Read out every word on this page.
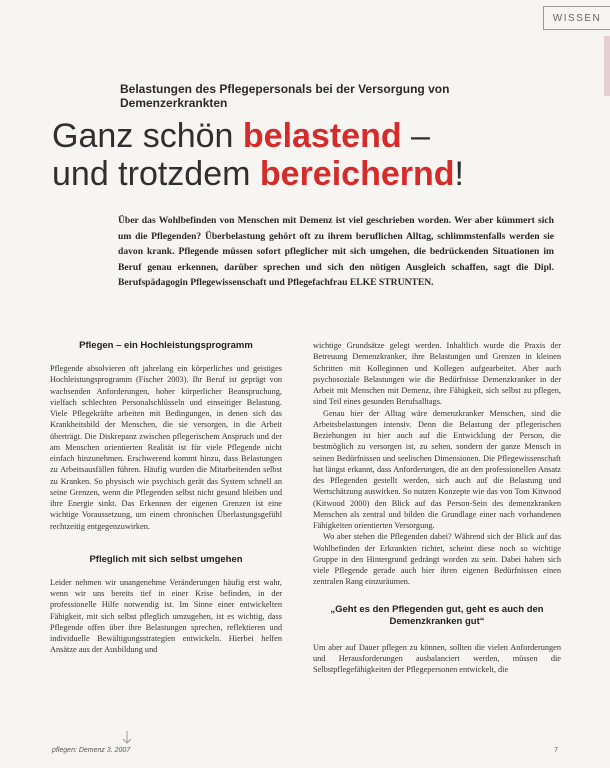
WISSEN
Belastungen des Pflegepersonals bei der Versorgung von Demenzerkrankten
Ganz schön belastend –
und trotzdem bereichernd!

Über das Wohlbefinden von Menschen mit Demenz ist viel geschrieben worden. Wer aber kümmert sich um die Pflegenden? Überbelastung gehört oft zu ihrem beruflichen Alltag, schlimmstenfalls werden sie davon krank. Pflegende müssen sofort pfleglicher mit sich umgehen, die bedrückenden Situationen im Beruf genau erkennen, darüber sprechen und sich den nötigen Ausgleich schaffen, sagt die Dipl. Berufspädagogin Pflegewissenschaft und Pflegefachfrau ELKE STRUNTEN.

Pflegen – ein Hochleistungsprogramm

Pflegende absolvieren oft jahrelang ein körperliches und geistiges Hochleistungsprogramm (Fischer 2003). Ihr Beruf ist geprägt von wachsenden Anforderungen, hoher körperlicher Beanspruchung, vielfach schlechten Personalschlüsseln und einseitiger Belastung. Viele Pflegekräfte arbeiten mit Bedingungen, in denen sich das Krankheitsbild der Menschen, die sie versorgen, in die Arbeit überträgt. Die Diskrepanz zwischen pflegerischem Anspruch und der am Menschen orientierten Realität ist für viele Pflegende nicht einfach hinzunehmen. Erschwerend kommt hinzu, dass Belastungen zu Arbeitsausfällen führen. Häufig wurden die Mitarbeitenden selbst zu Kranken. So physisch wie psychisch gerät das System schnell an seine Grenzen, wenn die Pflegenden selbst nicht gesund bleiben und ihre Energie sinkt. Das Erkennen der eigenen Grenzen ist eine wichtige Voraussetzung, um einem chronischen Überlastungsgefühl rechtzeitig entgegenzuwirken.

Pfleglich mit sich selbst umgehen

Leider nehmen wir unangenehme Veränderungen häufig erst wahr, wenn wir uns bereits tief in einer Krise befinden, in der professionelle Hilfe notwendig ist. Im Sinne einer entwickelten Fähigkeit, mit sich selbst pfleglich umzugehen, ist es wichtig, dass Pflegende offen über ihre Belastungen sprechen, reflektieren und individuelle Bewältigungsstrategien entwickeln. Hierbei helfen Ansätze aus der Ausbildung und

wichtige Grundsätze gelegt werden. Inhaltlich wurde die Praxis der Betreuung Demenzkranker, ihre Belastungen und Grenzen in kleinen Schritten mit Kolleginnen und Kollegen aufgearbeitet. Aber auch psychosoziale Belastungen wie die Bedürfnisse Demenzkranker in der Arbeit mit Menschen mit Demenz, ihre Fähigkeit, sich selbst zu pflegen, sind Teil eines gesunden Berufsalltags.

Genau hier der Alltag wäre demenzkranker Menschen, sind die Arbeitsbelastungen intensiv. Denn die Belastung der pflegerischen Beziehungen ist hier auch auf die Entwicklung der Person, die bestmöglich zu versorgen ist, zu sehen, sondern der ganze Mensch in seinen Bedürfnissen und seelischen Dimensionen. Die Pflegewissenschaft hat längst erkannt, dass Anforderungen, die an den professionellen Ansatz des Pflegenden gestellt werden, sich auch auf die Belastung und Wertschätzung auswirken. So nutzen Konzepte wie das von Tom Kitwood (Kitwood 2000) den Blick auf das Person-Sein des demenzkranken Menschen als zentral und bilden die Grundlage einer nach vorhandenen Fähigkeiten orientierten Versorgung.

Wo aber stehen die Pflegenden dabei? Während sich der Blick auf das Wohlbefinden der Erkrankten richtet, scheint diese noch so wichtige Gruppe in den Hintergrund gedrängt worden zu sein. Dabei haben sich viele Pflegende gerade auch hier ihren eigenen Bedürfnissen einen zentralen Rang einzuräumen.

„Geht es den Pflegenden gut, geht es auch den Demenzkranken gut“

Um aber auf Dauer pflegen zu können, sollten die vielen Anforderungen und Herausforderungen ausbalanciert werden, müssen die Selbstpflegefähigkeiten der Pflegepersonen entwickelt, die

pflegen: Demenz 3. 2007	7
